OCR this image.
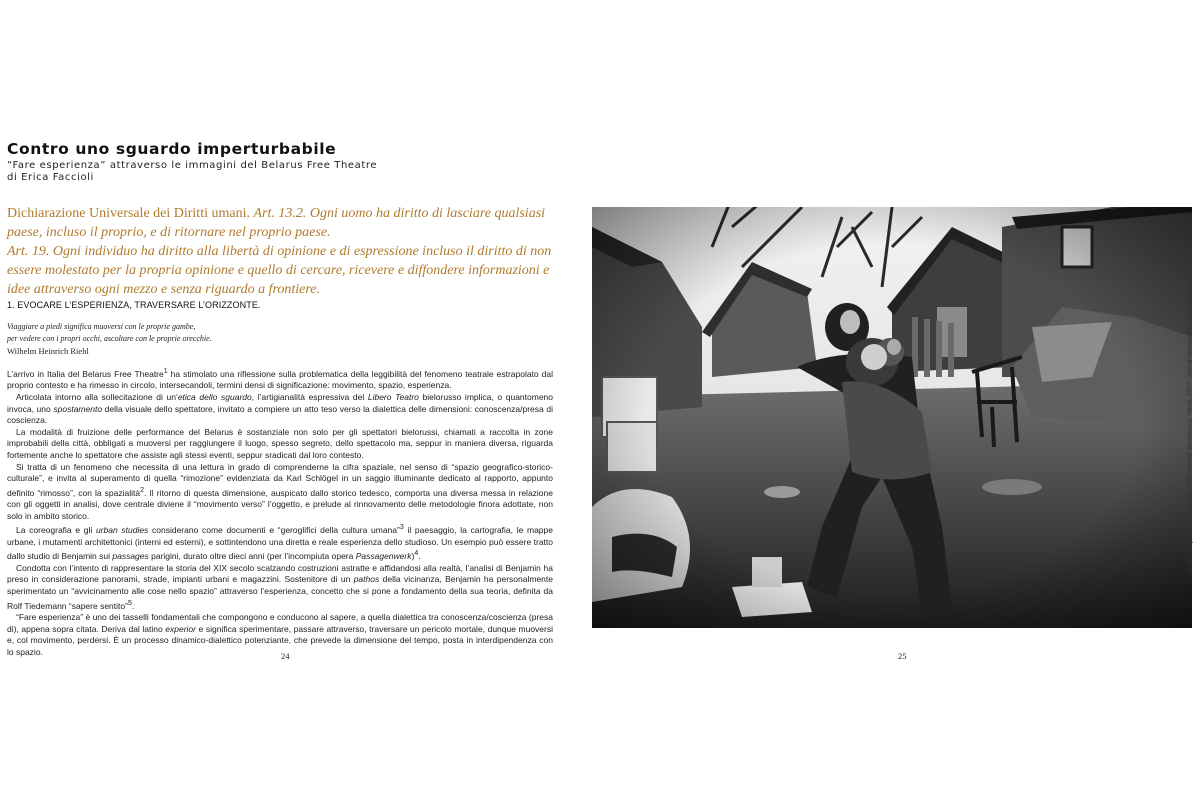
Contro uno sguardo imperturbabile
“Fare esperienza” attraverso le immagini del Belarus Free Theatre
di Erica Faccioli

Dichiarazione Universale dei Diritti umani. Art. 13.2. Ogni uomo ha diritto di lasciare qualsiasi paese, incluso il proprio, e di ritornare nel proprio paese.
Art. 19. Ogni individuo ha diritto alla libertà di opinione e di espressione incluso il diritto di non essere molestato per la propria opinione e quello di cercare, ricevere e diffondere informazioni e idee attraverso ogni mezzo e senza riguardo a frontiere.

1. EVOCARE L’ESPERIENZA, TRAVERSARE L’ORIZZONTE.
Viaggiare a piedi significa muoversi con le proprie gambe,
per vedere con i propri occhi, ascoltare con le proprie orecchie.
Wilhelm Heinrich Riehl

L’arrivo in Italia del Belarus Free Theatre$^1$ ha stimolato una riflessione sulla problematica della leggibilità del fenomeno teatrale estrapolato dal proprio contesto e ha rimesso in circolo, intersecandoli, termini densi di significazione: movimento, spazio, esperienza.

Articolata intorno alla sollecitazione di un’etica dello sguardo, l’artigianalità espressiva del Libero Teatro bielorusso implica, o quantomeno invoca, uno spostamento della visuale dello spettatore, invitato a compiere un atto teso verso la dialettica delle dimensioni: conoscenza/presa di coscienza.

La modalità di fruizione delle performance del Belarus è sostanziale non solo per gli spettatori bielorussi, chiamati a raccolta in zone improbabili della città, obbligati a muoversi per raggiungere il luogo, spesso segreto, dello spettacolo ma, seppur in maniera diversa, riguarda fortemente anche lo spettatore che assiste agli stessi eventi, seppur sradicati dal loro contesto.

Si tratta di un fenomeno che necessita di una lettura in grado di comprenderne la cifra spaziale, nel senso di “spazio geografico-storico-culturale”, e invita al superamento di quella “rimozione” evidenziata da Karl Schlögel in un saggio illuminante dedicato al rapporto, appunto definito “rimosso”, con la spazialità$^2$. Il ritorno di questa dimensione, auspicato dallo storico tedesco, comporta una diversa messa in relazione con gli oggetti in analisi, dove centrale diviene il “movimento verso” l’oggetto, e prelude al rinnovamento delle metodologie finora adottate, non solo in ambito storico.

La coreografia e gli urban studies considerano come documenti e “geroglifici della cultura umana”$^3$ il paesaggio, la cartografia, le mappe urbane, i mutamenti architettonici (interni ed esterni), e sottintendono una diretta e reale esperienza dello studioso. Un esempio può essere tratto dallo studio di Benjamin sui passages parigini, durato oltre dieci anni (per l’incompiuta opera Passagenwerk)$^4$.

Condotta con l’intento di rappresentare la storia del XIX secolo scalzando costruzioni astratte e affidandosi alla realtà, l’analisi di Benjamin ha preso in considerazione panorami, strade, impianti urbani e magazzini. Sostenitore di un pathos della vicinanza, Benjamin ha personalmente sperimentato un “avvicinamento alle cose nello spazio” attraverso l’esperienza, concetto che si pone a fondamento della sua teoria, definita da Rolf Tiedemann “sapere sentito”$^5$.

“Fare esperienza” è uno dei tasselli fondamentali che compongono e conducono al sapere, a quella dialettica tra conoscenza/coscienza (presa di), appena sopra citata. Deriva dal latino experior e significa sperimentare, passare attraverso, traversare un pericolo mortale, dunque muoversi e, col movimento, perdersi. È un processo dinamico-dialettico potenziante, che prevede la dimensione del tempo, posta in interdipendenza con lo spazio.	24
Alcuni componenti del Belarus Free Theatre, Bielorussia, Minsk, 2007 - foto di Alessandro Vincenzi/Grosse Photo
25
